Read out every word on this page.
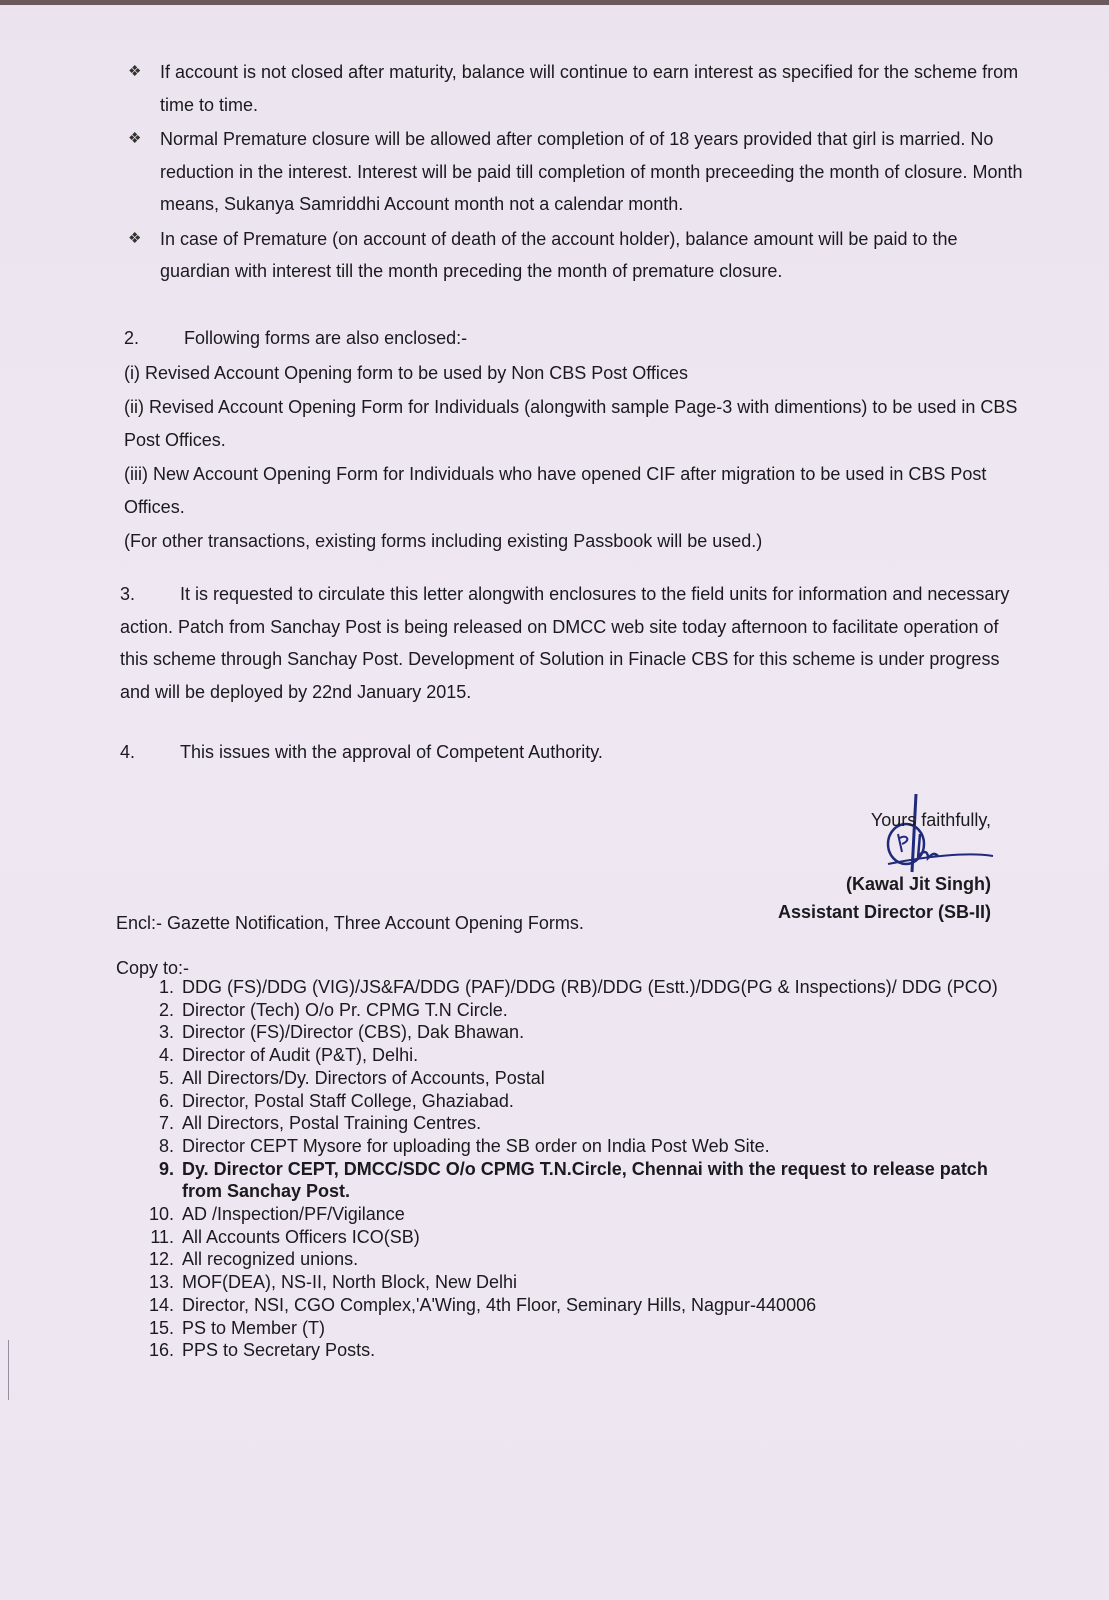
❖ If account is not closed after maturity, balance will continue to earn interest as specified for the scheme from time to time.
❖ Normal Premature closure will be allowed after completion of of 18 years provided that girl is married. No reduction in the interest. Interest will be paid till completion of month preceeding the month of closure. Month means, Sukanya Samriddhi Account month not a calendar month.
❖ In case of Premature (on account of death of the account holder), balance amount will be paid to the guardian with interest till the month preceding the month of premature closure.
2.	Following forms are also enclosed:-
(i) Revised Account Opening form to be used by Non CBS Post Offices
(ii) Revised Account Opening Form for Individuals (alongwith sample Page-3 with dimentions) to be used in CBS Post Offices.
(iii) New Account Opening Form for Individuals who have opened CIF after migration to be used in CBS Post Offices.
(For other transactions, existing forms including existing Passbook will be used.)
3. It is requested to circulate this letter alongwith enclosures to the field units for information and necessary action. Patch from Sanchay Post is being released on DMCC web site today afternoon to facilitate operation of this scheme through Sanchay Post. Development of Solution in Finacle CBS for this scheme is under progress and will be deployed by 22nd January 2015.
4.	This issues with the approval of Competent Authority.
Yours faithfully,
(Kawal Jit Singh)
Assistant Director (SB-II)
Encl:- Gazette Notification, Three Account Opening Forms.
Copy to:-
1. DDG (FS)/DDG (VIG)/JS&FA/DDG (PAF)/DDG (RB)/DDG (Estt.)/DDG(PG & Inspections)/ DDG (PCO)
2. Director (Tech) O/o Pr. CPMG T.N Circle.
3. Director (FS)/Director (CBS), Dak Bhawan.
4. Director of Audit (P&T), Delhi.
5. All Directors/Dy. Directors of Accounts, Postal
6. Director, Postal Staff College, Ghaziabad.
7. All Directors, Postal Training Centres.
8. Director CEPT Mysore for uploading the SB order on India Post Web Site.
9. Dy. Director CEPT, DMCC/SDC O/o CPMG T.N.Circle, Chennai with the request to release patch from Sanchay Post.
10. AD /Inspection/PF/Vigilance
11. All Accounts Officers ICO(SB)
12. All recognized unions.
13. MOF(DEA), NS-II, North Block, New Delhi
14. Director, NSI, CGO Complex,'A'Wing, 4th Floor, Seminary Hills, Nagpur-440006
15. PS to Member (T)
16. PPS to Secretary Posts.
